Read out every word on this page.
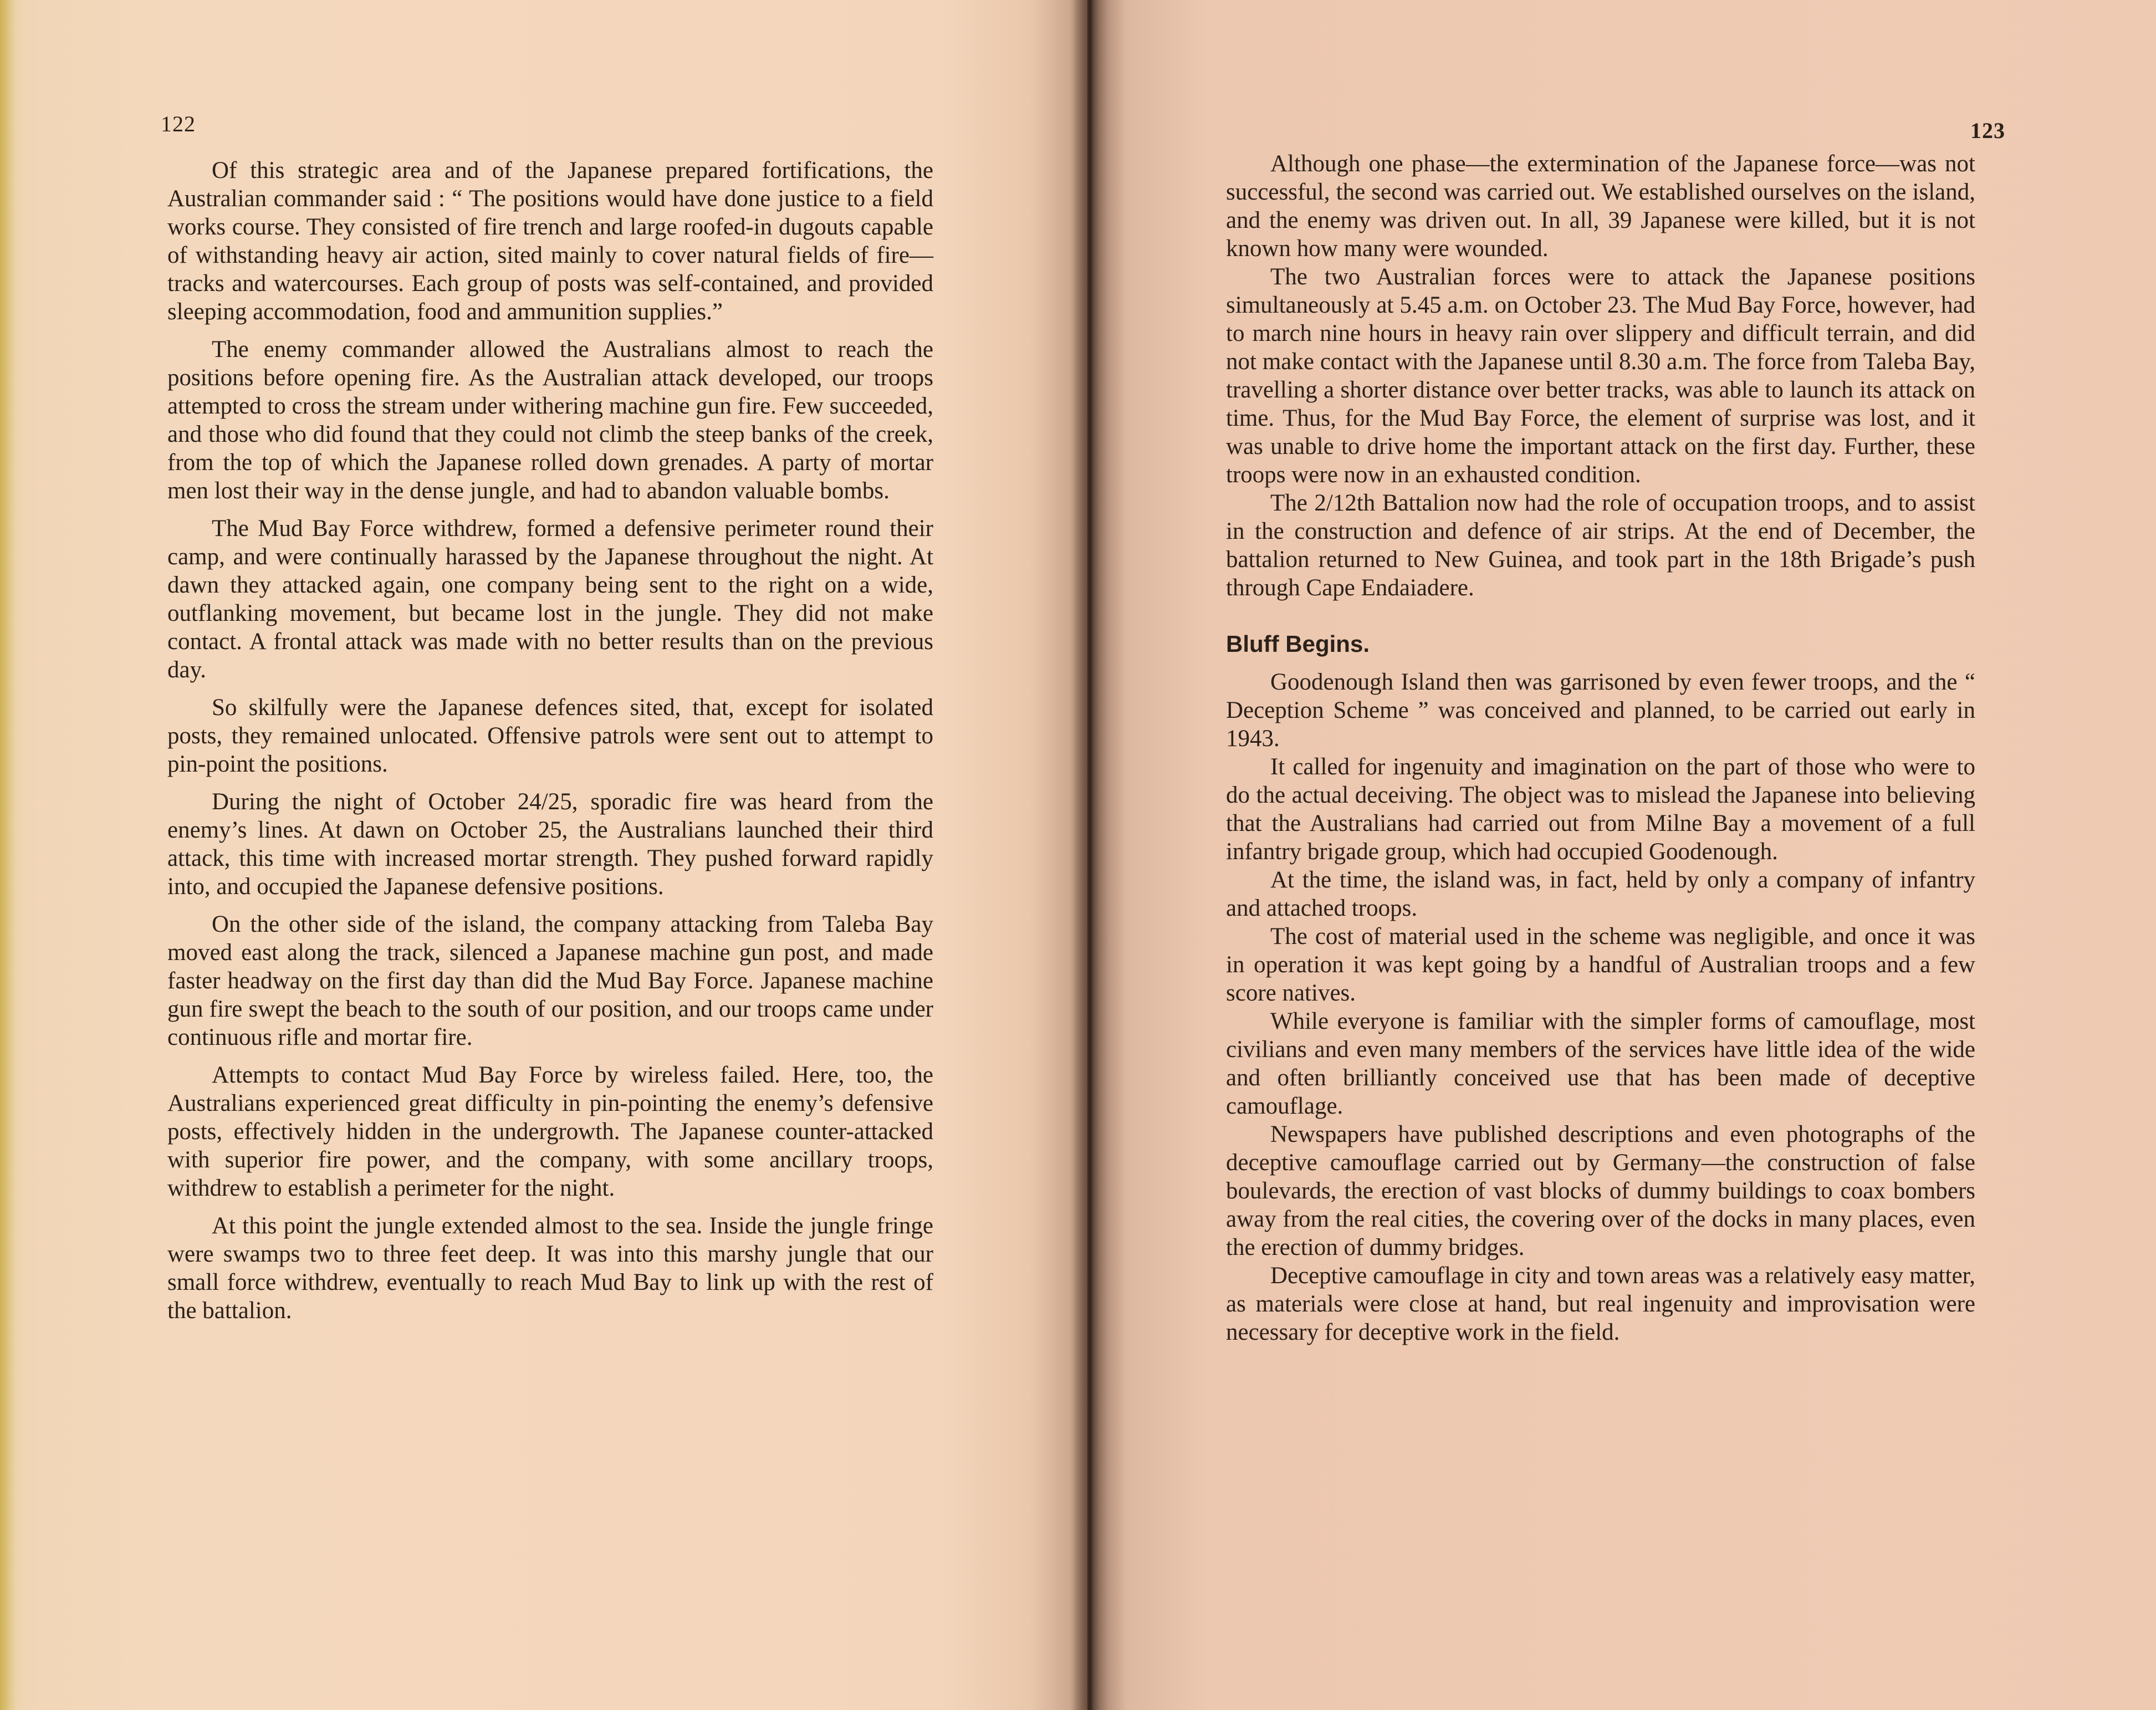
122

Of this strategic area and of the Japanese prepared fortifications, the Australian commander said : “ The positions would have done justice to a field works course. They consisted of fire trench and large roofed-in dugouts capable of withstanding heavy air action, sited mainly to cover natural fields of fire—tracks and watercourses. Each group of posts was self-contained, and provided sleeping accommodation, food and ammunition supplies.”

The enemy commander allowed the Australians almost to reach the positions before opening fire. As the Australian attack developed, our troops attempted to cross the stream under withering machine gun fire. Few succeeded, and those who did found that they could not climb the steep banks of the creek, from the top of which the Japanese rolled down grenades. A party of mortar men lost their way in the dense jungle, and had to abandon valuable bombs.

The Mud Bay Force withdrew, formed a defensive perimeter round their camp, and were continually harassed by the Japanese throughout the night. At dawn they attacked again, one company being sent to the right on a wide, outflanking movement, but became lost in the jungle. They did not make contact. A frontal attack was made with no better results than on the previous day.

So skilfully were the Japanese defences sited, that, except for isolated posts, they remained unlocated. Offensive patrols were sent out to attempt to pin-point the positions.

During the night of October 24/25, sporadic fire was heard from the enemy’s lines. At dawn on October 25, the Australians launched their third attack, this time with increased mortar strength. They pushed forward rapidly into, and occupied the Japanese defensive positions.

On the other side of the island, the company attacking from Taleba Bay moved east along the track, silenced a Japanese machine gun post, and made faster headway on the first day than did the Mud Bay Force. Japanese machine gun fire swept the beach to the south of our position, and our troops came under continuous rifle and mortar fire.

Attempts to contact Mud Bay Force by wireless failed. Here, too, the Australians experienced great difficulty in pin-pointing the enemy’s defensive posts, effectively hidden in the undergrowth. The Japanese counter-attacked with superior fire power, and the company, with some ancillary troops, withdrew to establish a perimeter for the night.

At this point the jungle extended almost to the sea. Inside the jungle fringe were swamps two to three feet deep. It was into this marshy jungle that our small force withdrew, eventually to reach Mud Bay to link up with the rest of the battalion.

123

Although one phase—the extermination of the Japanese force—was not successful, the second was carried out. We established ourselves on the island, and the enemy was driven out. In all, 39 Japanese were killed, but it is not known how many were wounded.

The two Australian forces were to attack the Japanese positions simultaneously at 5.45 a.m. on October 23. The Mud Bay Force, however, had to march nine hours in heavy rain over slippery and difficult terrain, and did not make contact with the Japanese until 8.30 a.m. The force from Taleba Bay, travelling a shorter distance over better tracks, was able to launch its attack on time. Thus, for the Mud Bay Force, the element of surprise was lost, and it was unable to drive home the important attack on the first day. Further, these troops were now in an exhausted condition.

The 2/12th Battalion now had the role of occupation troops, and to assist in the construction and defence of air strips. At the end of December, the battalion returned to New Guinea, and took part in the 18th Brigade’s push through Cape Endaiadere.

Bluff Begins.

Goodenough Island then was garrisoned by even fewer troops, and the “ Deception Scheme ” was conceived and planned, to be carried out early in 1943.

It called for ingenuity and imagination on the part of those who were to do the actual deceiving. The object was to mislead the Japanese into believing that the Australians had carried out from Milne Bay a movement of a full infantry brigade group, which had occupied Goodenough.

At the time, the island was, in fact, held by only a company of infantry and attached troops.

The cost of material used in the scheme was negligible, and once it was in operation it was kept going by a handful of Australian troops and a few score natives.

While everyone is familiar with the simpler forms of camouflage, most civilians and even many members of the services have little idea of the wide and often brilliantly conceived use that has been made of deceptive camouflage.

Newspapers have published descriptions and even photographs of the deceptive camouflage carried out by Germany—the construction of false boulevards, the erection of vast blocks of dummy buildings to coax bombers away from the real cities, the covering over of the docks in many places, even the erection of dummy bridges.

Deceptive camouflage in city and town areas was a relatively easy matter, as materials were close at hand, but real ingenuity and improvisation were necessary for deceptive work in the field.
